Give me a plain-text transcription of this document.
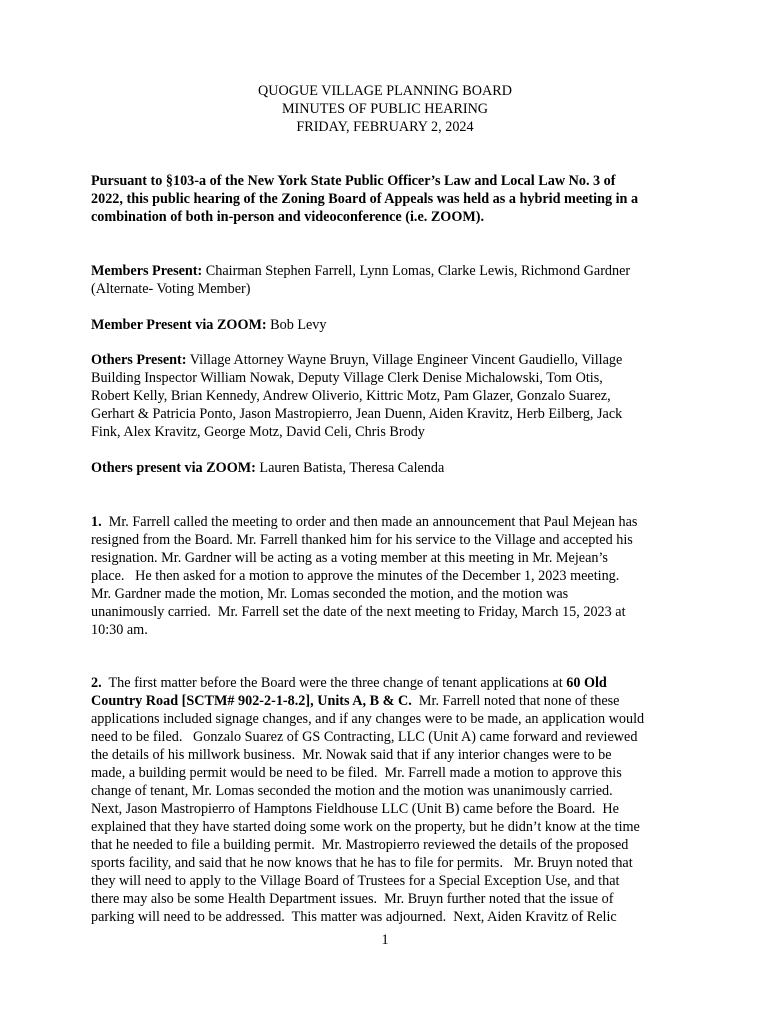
QUOGUE VILLAGE PLANNING BOARD
MINUTES OF PUBLIC HEARING
FRIDAY, FEBRUARY 2, 2024
Pursuant to §103-a of the New York State Public Officer’s Law and Local Law No. 3 of
2022, this public hearing of the Zoning Board of Appeals was held as a hybrid meeting in a
combination of both in-person and videoconference (i.e. ZOOM).
Members Present: Chairman Stephen Farrell, Lynn Lomas, Clarke Lewis, Richmond Gardner
(Alternate- Voting Member)
Member Present via ZOOM: Bob Levy
Others Present: Village Attorney Wayne Bruyn, Village Engineer Vincent Gaudiello, Village
Building Inspector William Nowak, Deputy Village Clerk Denise Michalowski, Tom Otis,
Robert Kelly, Brian Kennedy, Andrew Oliverio, Kittric Motz, Pam Glazer, Gonzalo Suarez,
Gerhart & Patricia Ponto, Jason Mastropierro, Jean Duenn, Aiden Kravitz, Herb Eilberg, Jack
Fink, Alex Kravitz, George Motz, David Celi, Chris Brody
Others present via ZOOM: Lauren Batista, Theresa Calenda
1.  Mr. Farrell called the meeting to order and then made an announcement that Paul Mejean has
resigned from the Board. Mr. Farrell thanked him for his service to the Village and accepted his
resignation. Mr. Gardner will be acting as a voting member at this meeting in Mr. Mejean’s
place.   He then asked for a motion to approve the minutes of the December 1, 2023 meeting.
Mr. Gardner made the motion, Mr. Lomas seconded the motion, and the motion was
unanimously carried.  Mr. Farrell set the date of the next meeting to Friday, March 15, 2023 at
10:30 am.
2.  The first matter before the Board were the three change of tenant applications at 60 Old
Country Road [SCTM# 902-2-1-8.2], Units A, B & C.  Mr. Farrell noted that none of these
applications included signage changes, and if any changes were to be made, an application would
need to be filed.   Gonzalo Suarez of GS Contracting, LLC (Unit A) came forward and reviewed
the details of his millwork business.  Mr. Nowak said that if any interior changes were to be
made, a building permit would be need to be filed.  Mr. Farrell made a motion to approve this
change of tenant, Mr. Lomas seconded the motion and the motion was unanimously carried.
Next, Jason Mastropierro of Hamptons Fieldhouse LLC (Unit B) came before the Board.  He
explained that they have started doing some work on the property, but he didn’t know at the time
that he needed to file a building permit.  Mr. Mastropierro reviewed the details of the proposed
sports facility, and said that he now knows that he has to file for permits.   Mr. Bruyn noted that
they will need to apply to the Village Board of Trustees for a Special Exception Use, and that
there may also be some Health Department issues.  Mr. Bruyn further noted that the issue of
parking will need to be addressed.  This matter was adjourned.  Next, Aiden Kravitz of Relic
1
